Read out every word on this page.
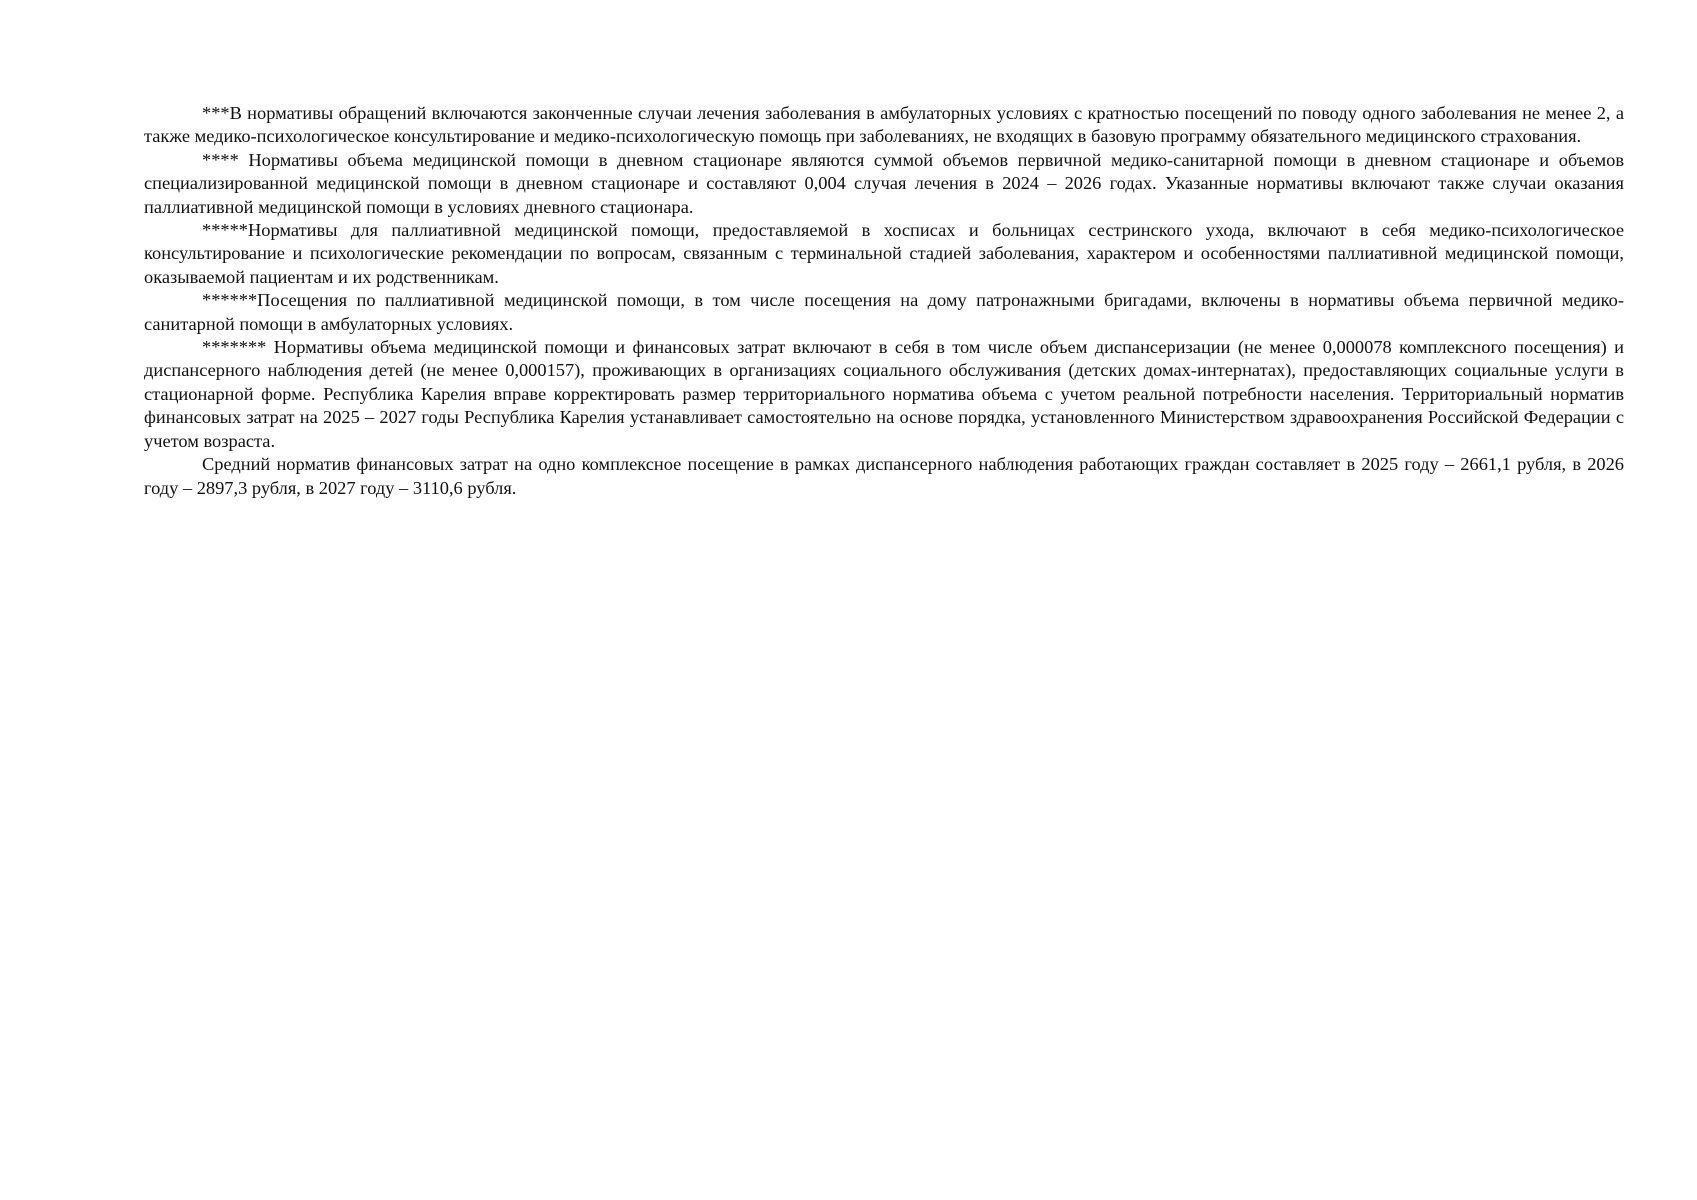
***В нормативы обращений включаются законченные случаи лечения заболевания в амбулаторных условиях с кратностью посещений по поводу одного заболевания не менее 2, а также медико-психологическое консультирование и медико-психологическую помощь при заболеваниях, не входящих в базовую программу обязательного медицинского страхования.

**** Нормативы объема медицинской помощи в дневном стационаре являются суммой объемов первичной медико-санитарной помощи в дневном стационаре и объемов специализированной медицинской помощи в дневном стационаре и составляют 0,004 случая лечения в 2024 – 2026 годах. Указанные нормативы включают также случаи оказания паллиативной медицинской помощи в условиях дневного стационара.

*****Нормативы для паллиативной медицинской помощи, предоставляемой в хосписах и больницах сестринского ухода, включают в себя медико-психологическое консультирование и психологические рекомендации по вопросам, связанным с терминальной стадией заболевания, характером и особенностями паллиативной медицинской помощи, оказываемой пациентам и их родственникам.

******Посещения по паллиативной медицинской помощи, в том числе посещения на дому патронажными бригадами, включены в нормативы объема первичной медико-санитарной помощи в амбулаторных условиях.

******* Нормативы объема медицинской помощи и финансовых затрат включают в себя в том числе объем диспансеризации (не менее 0,000078 комплексного посещения) и диспансерного наблюдения детей (не менее 0,000157), проживающих в организациях социального обслуживания (детских домах-интернатах), предоставляющих социальные услуги в стационарной форме. Республика Карелия вправе корректировать размер территориального норматива объема с учетом реальной потребности населения. Территориальный норматив финансовых затрат на 2025 – 2027 годы Республика Карелия устанавливает самостоятельно на основе порядка, установленного Министерством здравоохранения Российской Федерации с учетом возраста.

Средний норматив финансовых затрат на одно комплексное посещение в рамках диспансерного наблюдения работающих граждан составляет в 2025 году – 2661,1 рубля, в 2026 году – 2897,3 рубля, в 2027 году – 3110,6 рубля.
